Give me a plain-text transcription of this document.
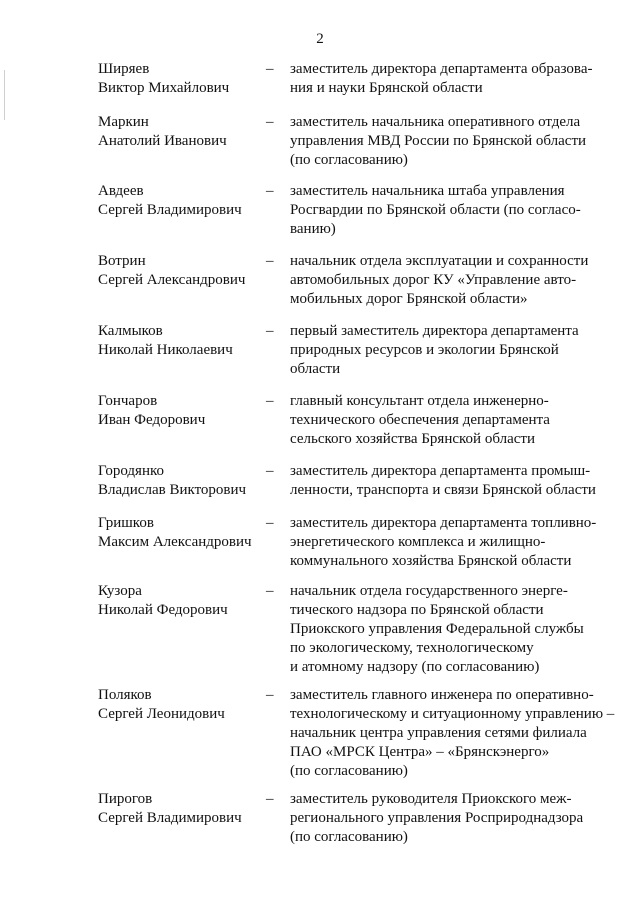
2
Ширяев
Виктор Михайлович
– заместитель директора департамента образова-
ния и науки Брянской области
Маркин
Анатолий Иванович
– заместитель начальника оперативного отдела
управления МВД России по Брянской области
(по согласованию)
Авдеев
Сергей Владимирович
– заместитель начальника штаба управления
Росгвардии по Брянской области (по согласо-
ванию)
Вотрин
Сергей Александрович
– начальник отдела эксплуатации и сохранности
автомобильных дорог КУ «Управление авто-
мобильных дорог Брянской области»
Калмыков
Николай Николаевич
– первый заместитель директора департамента
природных ресурсов и экологии Брянской
области
Гончаров
Иван Федорович
– главный консультант отдела инженерно-
технического обеспечения департамента
сельского хозяйства Брянской области
Городянко
Владислав Викторович
– заместитель директора департамента промыш-
ленности, транспорта и связи Брянской области
Гришков
Максим Александрович
– заместитель директора департамента топливно-
энергетического комплекса и жилищно-
коммунального хозяйства Брянской области
Кузора
Николай Федорович
– начальник отдела государственного энерге-
тического надзора по Брянской области
Приокского управления Федеральной службы
по экологическому, технологическому
и атомному надзору (по согласованию)
Поляков
Сергей Леонидович
– заместитель главного инженера по оперативно-
технологическому и ситуационному управлению –
начальник центра управления сетями филиала
ПАО «МРСК Центра» – «Брянскэнерго»
(по согласованию)
Пирогов
Сергей Владимирович
– заместитель руководителя Приокского меж-
регионального управления Росприроднадзора
(по согласованию)
